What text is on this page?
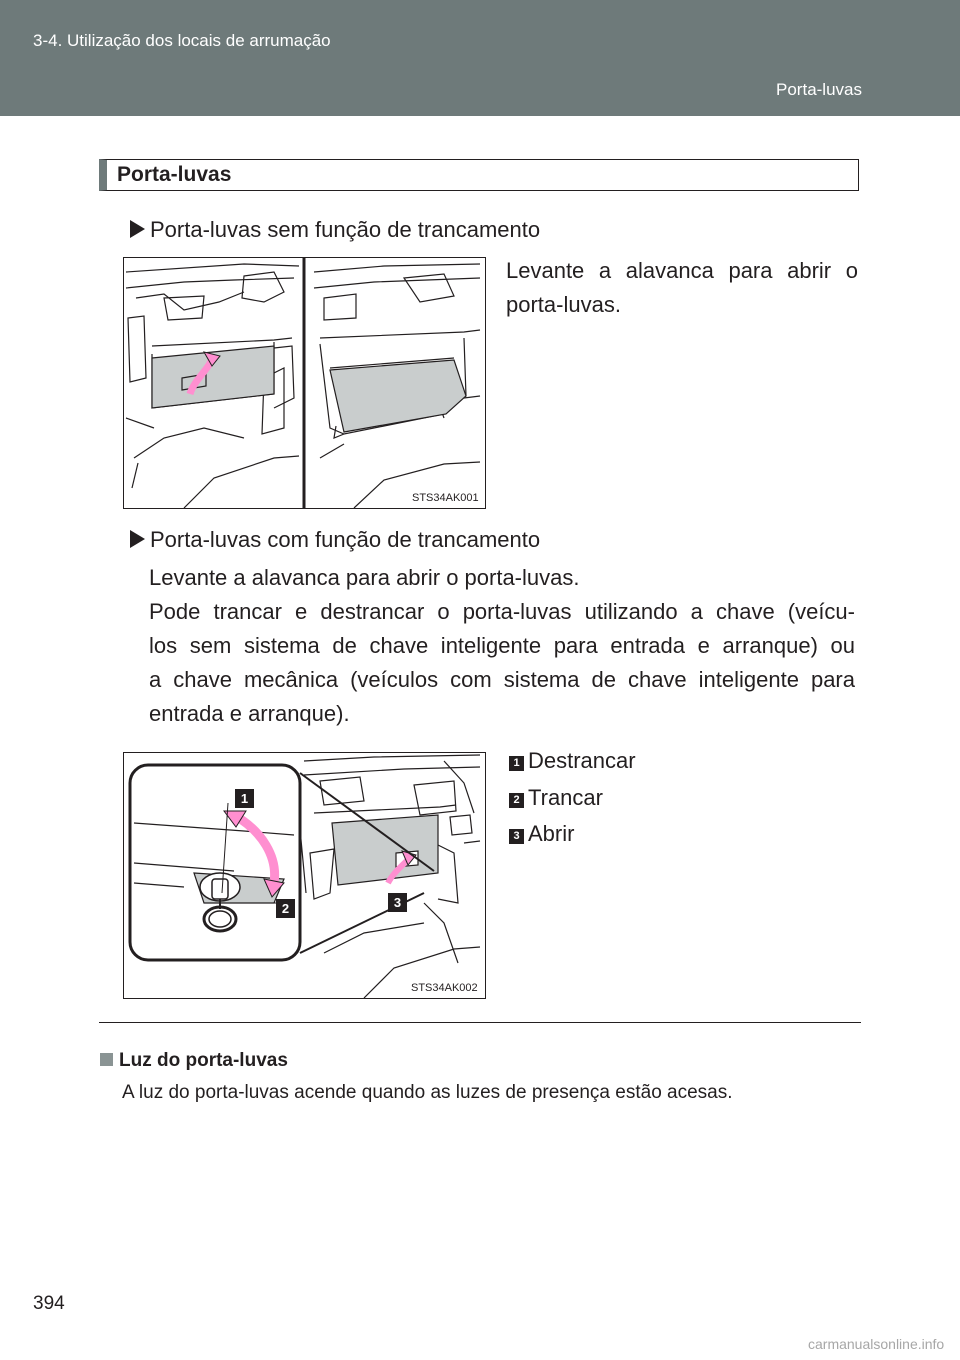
3-4. Utilização dos locais de arrumação
Porta-luvas
Porta-luvas
Porta-luvas sem função de trancamento
Levante a alavanca para abrir o
porta-luvas.
STS34AK001
Porta-luvas com função de trancamento
Levante a alavanca para abrir o porta-luvas.
Pode trancar e destrancar o porta-luvas utilizando a chave (veícu-
los sem sistema de chave inteligente para entrada e arranque) ou
a chave mecânica (veículos com sistema de chave inteligente para
entrada e arranque).
1
2	3
STS34AK002
1 Destrancar
2 Trancar
3 Abrir
Luz do porta-luvas
A luz do porta-luvas acende quando as luzes de presença estão acesas.
394
carmanualsonline.info
